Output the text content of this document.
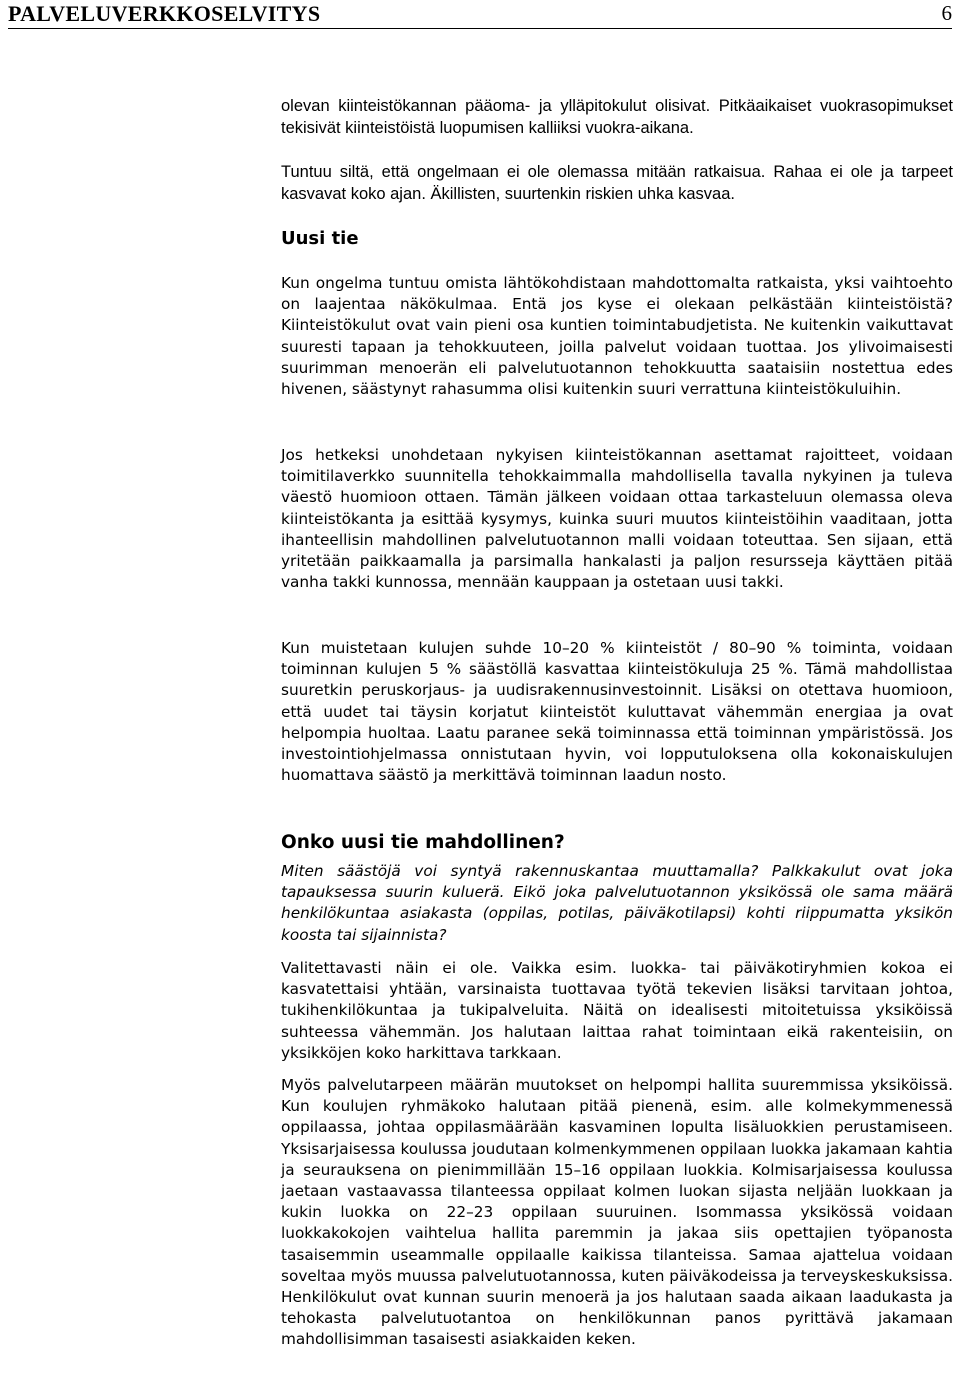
PALVELUVERKKOSELVITYS	6

olevan kiinteistökannan pääoma- ja ylläpitokulut olisivat. Pitkäaikaiset vuokrasopimukset tekisivät kiinteistöistä luopumisen kalliiksi vuokra-aikana.

Tuntuu siltä, että ongelmaan ei ole olemassa mitään ratkaisua. Rahaa ei ole ja tarpeet kasvavat koko ajan. Äkillisten, suurtenkin riskien uhka kasvaa.

Uusi tie

Kun ongelma tuntuu omista lähtökohdistaan mahdottomalta ratkaista, yksi vaihtoehto on laajentaa näkökulmaa. Entä jos kyse ei olekaan pelkästään kiinteistöistä? Kiinteistökulut ovat vain pieni osa kuntien toimintabudjetista. Ne kuitenkin vaikuttavat suuresti tapaan ja tehokkuuteen, joilla palvelut voidaan tuottaa. Jos ylivoimaisesti suurimman menoerän eli palvelutuotannon tehokkuutta saataisiin nostettua edes hivenen, säästynyt rahasumma olisi kuitenkin suuri verrattuna kiinteistökuluihin.

Jos hetkeksi unohdetaan nykyisen kiinteistökannan asettamat rajoitteet, voidaan toimitilaverkko suunnitella tehokkaimmalla mahdollisella tavalla nykyinen ja tuleva väestö huomioon ottaen. Tämän jälkeen voidaan ottaa tarkasteluun olemassa oleva kiinteistökanta ja esittää kysymys, kuinka suuri muutos kiinteistöihin vaaditaan, jotta ihanteellisin mahdollinen palvelutuotannon malli voidaan toteuttaa. Sen sijaan, että yritetään paikkaamalla ja parsimalla hankalasti ja paljon resursseja käyttäen pitää vanha takki kunnossa, mennään kauppaan ja ostetaan uusi takki.

Kun muistetaan kulujen suhde 10–20 % kiinteistöt / 80–90 % toiminta, voidaan toiminnan kulujen 5 % säästöllä kasvattaa kiinteistökuluja 25 %. Tämä mahdollistaa suuretkin peruskorjaus- ja uudisrakennusinvestoinnit. Lisäksi on otettava huomioon, että uudet tai täysin korjatut kiinteistöt kuluttavat vähemmän energiaa ja ovat helpompia huoltaa. Laatu paranee sekä toiminnassa että toiminnan ympäristössä. Jos investointiohjelmassa onnistutaan hyvin, voi lopputuloksena olla kokonaiskulujen huomattava säästö ja merkittävä toiminnan laadun nosto.

Onko uusi tie mahdollinen?

Miten säästöjä voi syntyä rakennuskantaa muuttamalla? Palkkakulut ovat joka tapauksessa suurin kuluerä. Eikö joka palvelutuotannon yksikössä ole sama määrä henkilökuntaa asiakasta (oppilas, potilas, päiväkotilapsi) kohti riippumatta yksikön koosta tai sijainnista?

Valitettavasti näin ei ole. Vaikka esim. luokka- tai päiväkotiryhmien kokoa ei kasvatettaisi yhtään, varsinaista tuottavaa työtä tekevien lisäksi tarvitaan johtoa, tukihenkilökuntaa ja tukipalveluita. Näitä on idealisesti mitoitetuissa yksiköissä suhteessa vähemmän. Jos halutaan laittaa rahat toimintaan eikä rakenteisiin, on yksikköjen koko harkittava tarkkaan.

Myös palvelutarpeen määrän muutokset on helpompi hallita suuremmissa yksiköissä. Kun koulujen ryhmäkoko halutaan pitää pienenä, esim. alle kolmekymmenessä oppilaassa, johtaa oppilasmäärään kasvaminen lopulta lisäluokkien perustamiseen. Yksisarjaisessa koulussa joudutaan kolmenkymmenen oppilaan luokka jakamaan kahtia ja seurauksena on pienimmillään 15–16 oppilaan luokkia. Kolmisarjaisessa koulussa jaetaan vastaavassa tilanteessa oppilaat kolmen luokan sijasta neljään luokkaan ja kukin luokka on 22–23 oppilaan suuruinen. Isommassa yksikössä voidaan luokkakokojen vaihtelua hallita paremmin ja jakaa siis opettajien työpanosta tasaisemmin useammalle oppilaalle kaikissa tilanteissa. Samaa ajattelua voidaan soveltaa myös muussa palvelutuotannossa, kuten päiväkodeissa ja terveyskeskuksissa. Henkilökulut ovat kunnan suurin menoerä ja jos halutaan saada aikaan laadukasta ja tehokasta palvelutuotantoa on henkilökunnan panos pyrittävä jakamaan mahdollisimman tasaisesti asiakkaiden keken.
